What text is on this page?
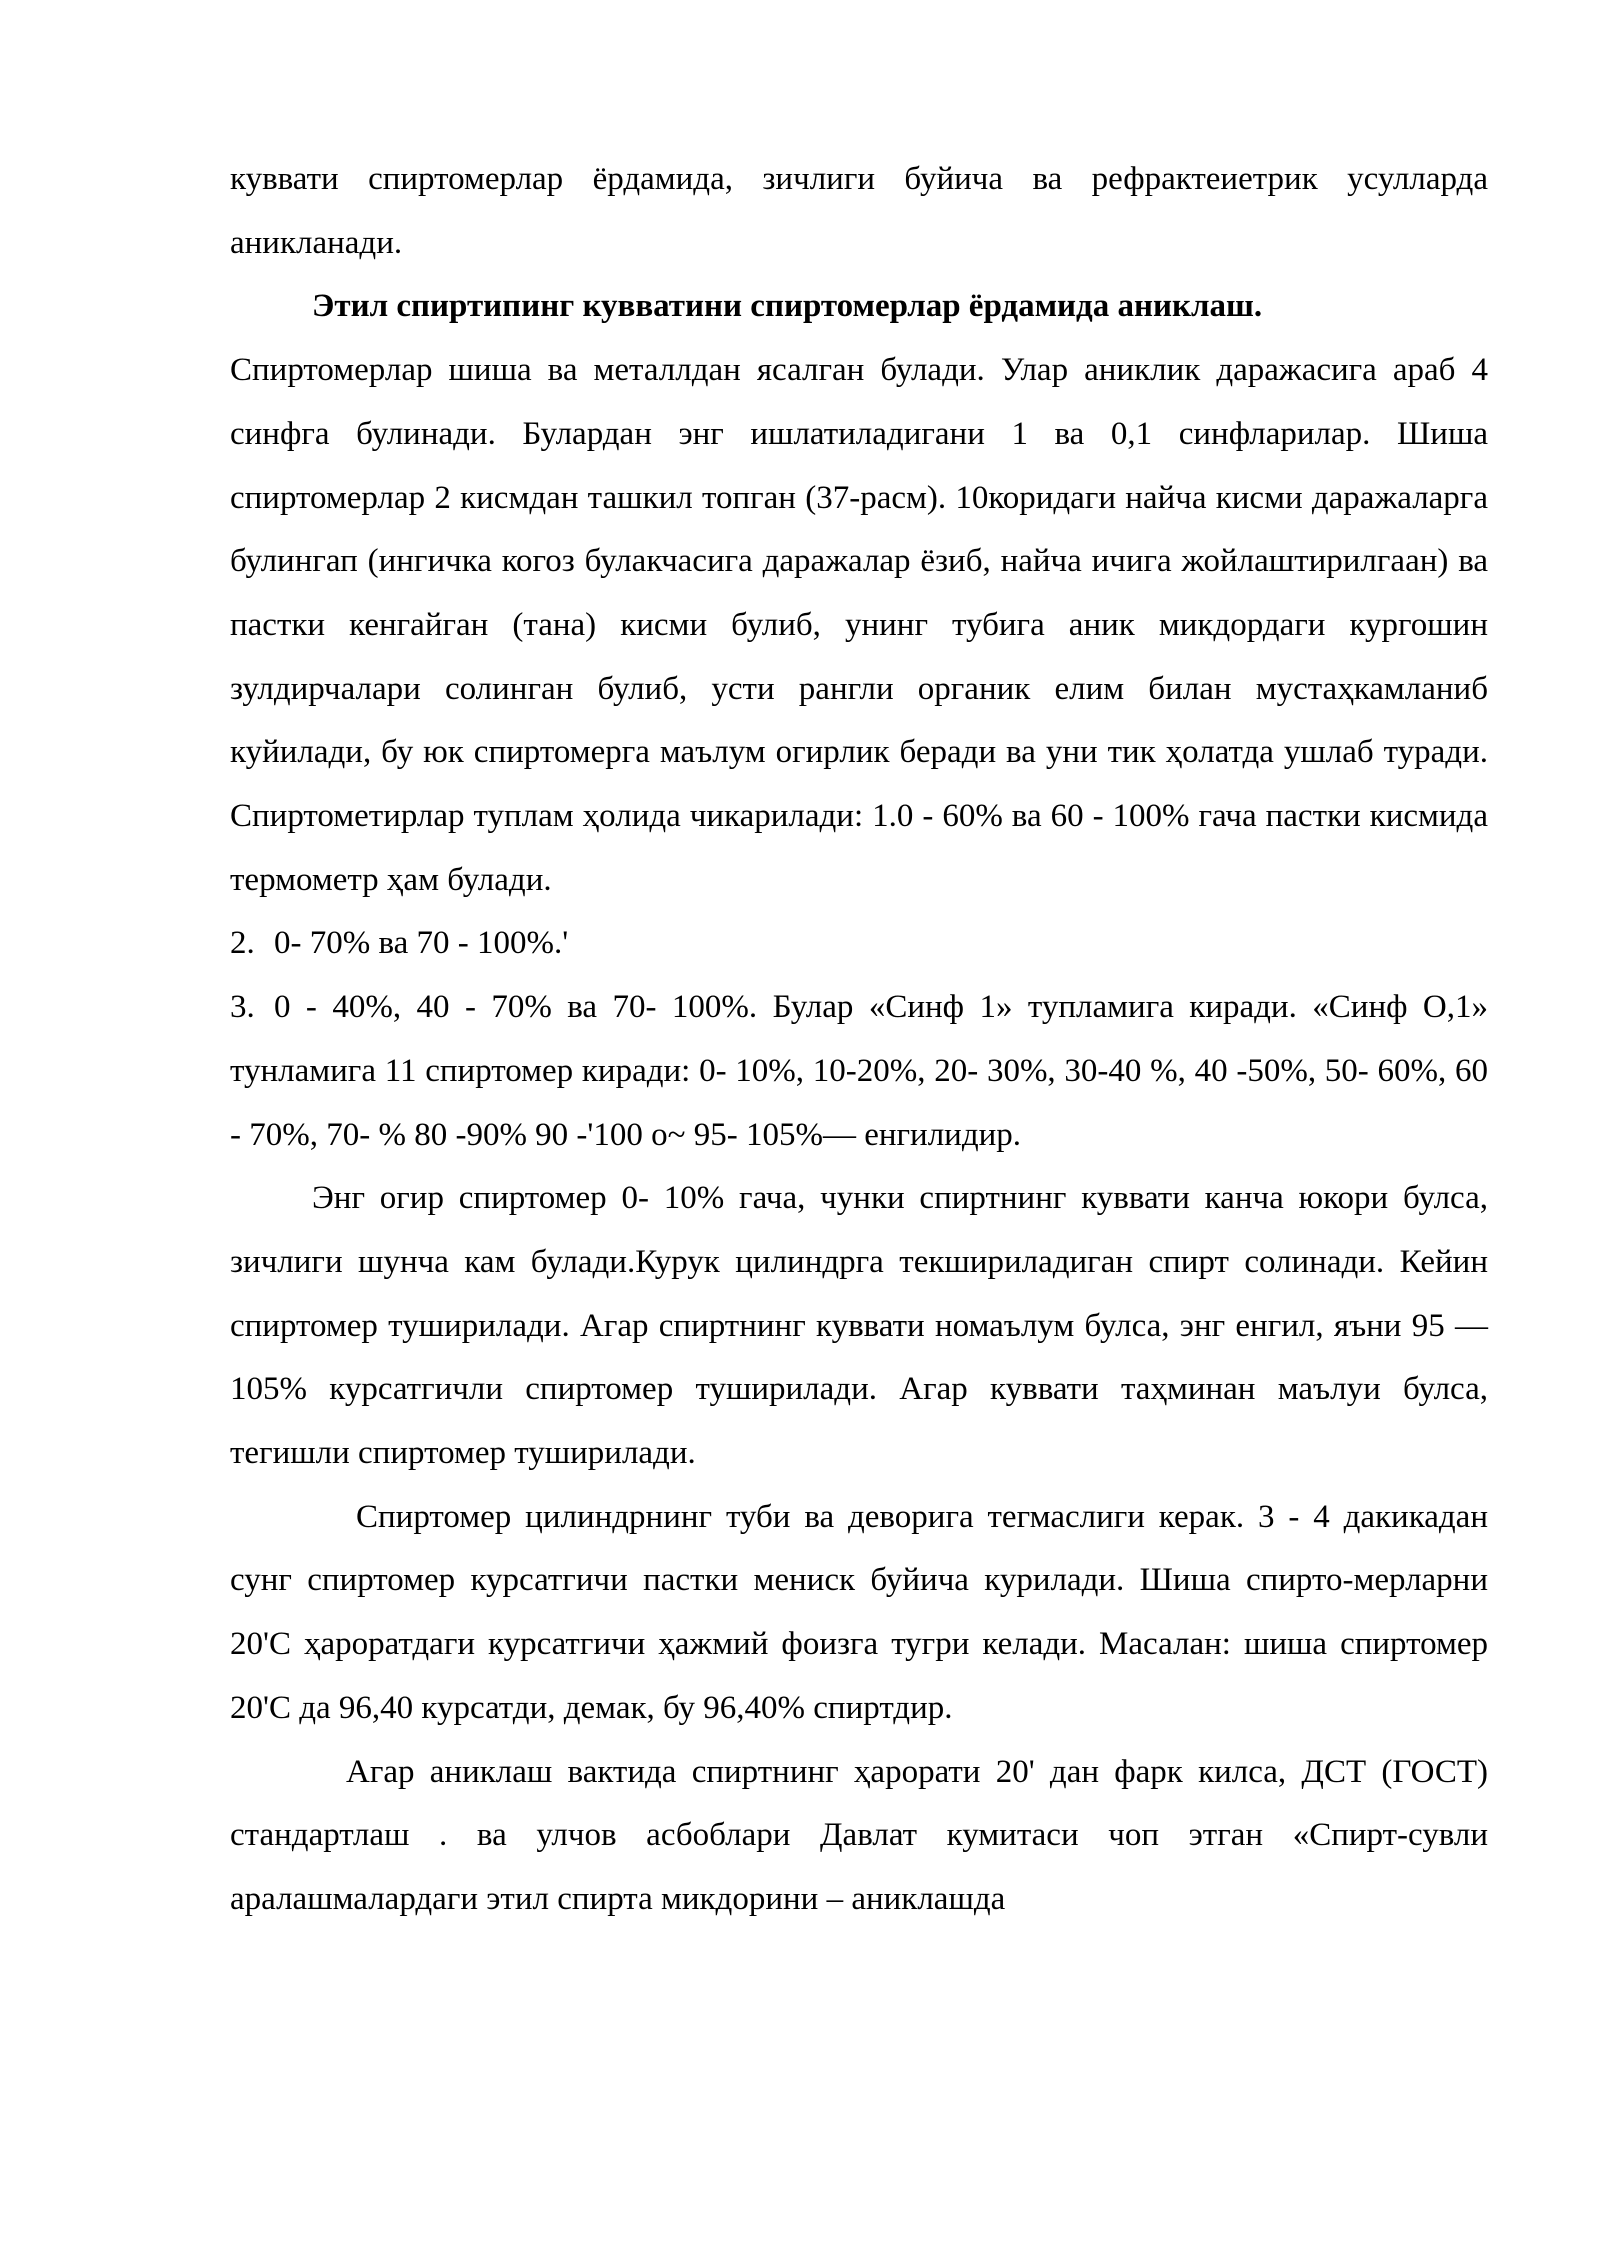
куввати спиртомерлар ёрдамида, зичлиги буйича ва рефрактеиетрик усулларда аникланади.

Этил спиртипинг кувватини спиртомерлар ёрдамида аниклаш.

Спиртомерлар шиша ва металлдан ясалган булади. Улар аниклик даражасига араб 4 синфга булинади. Булардан энг ишлатиладигани 1 ва 0,1 синфларилар. Шиша спиртомерлар 2 кисмдан ташкил топган (37-расм). 10коридаги найча кисми даражаларга булингап (ингичка когоз булакчасига даражалар ёзиб, найча ичига жойлаштирилгаан) ва пастки кенгайган (тана) кисми булиб, унинг тубига аник микдордаги кургошин зулдирчалари солинган булиб, усти рангли органик елим билан мустаҳкамланиб куйилади, бу юк спиртомерга маълум огирлик беради ва уни тик ҳолатда ушлаб туради. Спиртометирлар туплам ҳолида чикарилади: 1.0 - 60% ва 60 - 100% гача пастки кисмида термометр ҳам булади.

2. 0- 70% ва 70 - 100%.'

3. 0 - 40%, 40 - 70% ва 70- 100%. Булар «Синф 1» тупламига киради. «Синф О,1» тунламига 11 спиртомер киради: 0- 10%, 10-20%, 20- 30%, 30-40 %, 40 -50%, 50- 60%, 60 - 70%, 70- % 80 -90% 90 -'100 о~ 95- 105%— енгилидир.

Энг огир спиртомер 0- 10% гача, чунки спиртнинг куввати канча юкори булса, зичлиги шунча кам булади.Курук цилиндрга текшириладиган спирт солинади. Кейин спиртомер туширилади. Агар спиртнинг куввати номаълум булса, энг енгил, яъни 95 — 105% курсатгичли спиртомер туширилади. Агар куввати таҳминан маълуи булса, тегишли спиртомер туширилади.

Спиртомер цилиндрнинг туби ва деворига тегмаслиги керак. 3 - 4 дакикадан сунг спиртомер курсатгичи пастки мениск буйича курилади. Шиша спирто-мерларни 20'С ҳароратдаги курсатгичи ҳажмий фоизга тугри келади. Масалан: шиша спиртомер 20'С да 96,40 курсатди, демак, бу 96,40% спиртдир.

Агар аниклаш вактида спиртнинг ҳарорати 20' дан фарк килса, ДСТ (ГОСТ) стандартлаш . ва улчов асбоблари Давлат кумитаси чоп этган «Спирт-сувли аралашмалардаги этил спирта микдорини – аниклашда
